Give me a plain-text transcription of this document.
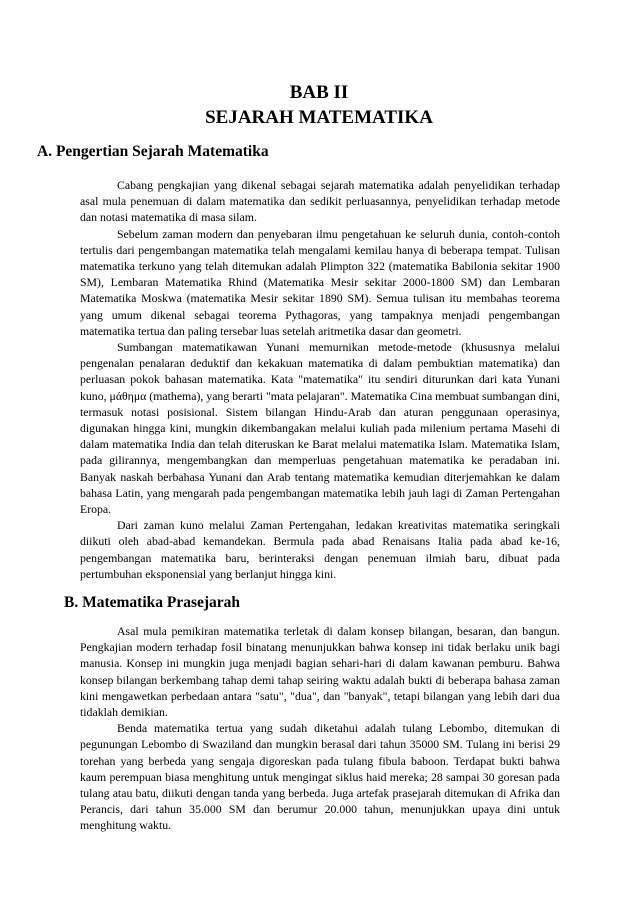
BAB II
SEJARAH MATEMATIKA
A. Pengertian Sejarah Matematika

Cabang pengkajian yang dikenal sebagai sejarah matematika adalah penyelidikan terhadap asal mula penemuan di dalam matematika dan sedikit perluasannya, penyelidikan terhadap metode dan notasi matematika di masa silam.

Sebelum zaman modern dan penyebaran ilmu pengetahuan ke seluruh dunia, contoh-contoh tertulis dari pengembangan matematika telah mengalami kemilau hanya di beberapa tempat. Tulisan matematika terkuno yang telah ditemukan adalah Plimpton 322 (matematika Babilonia sekitar 1900 SM), Lembaran Matematika Rhind (Matematika Mesir sekitar 2000-1800 SM) dan Lembaran Matematika Moskwa (matematika Mesir sekitar 1890 SM). Semua tulisan itu membahas teorema yang umum dikenal sebagai teorema Pythagoras, yang tampaknya menjadi pengembangan matematika tertua dan paling tersebar luas setelah aritmetika dasar dan geometri.

Sumbangan matematikawan Yunani memurnikan metode-metode (khususnya melalui pengenalan penalaran deduktif dan kekakuan matematika di dalam pembuktian matematika) dan perluasan pokok bahasan matematika. Kata "matematika" itu sendiri diturunkan dari kata Yunani kuno, μάθημα (mathema), yang berarti "mata pelajaran". Matematika Cina membuat sumbangan dini, termasuk notasi posisional. Sistem bilangan Hindu-Arab dan aturan penggunaan operasinya, digunakan hingga kini, mungkin dikembangakan melalui kuliah pada milenium pertama Masehi di dalam matematika India dan telah diteruskan ke Barat melalui matematika Islam. Matematika Islam, pada gilirannya, mengembangkan dan memperluas pengetahuan matematika ke peradaban ini. Banyak naskah berbahasa Yunani dan Arab tentang matematika kemudian diterjemahkan ke dalam bahasa Latin, yang mengarah pada pengembangan matematika lebih jauh lagi di Zaman Pertengahan Eropa.

Dari zaman kuno melalui Zaman Pertengahan, ledakan kreativitas matematika seringkali diikuti oleh abad-abad kemandekan. Bermula pada abad Renaisans Italia pada abad ke-16, pengembangan matematika baru, berinteraksi dengan penemuan ilmiah baru, dibuat pada pertumbuhan eksponensial yang berlanjut hingga kini.

B. Matematika Prasejarah

Asal mula pemikiran matematika terletak di dalam konsep bilangan, besaran, dan bangun. Pengkajian modern terhadap fosil binatang menunjukkan bahwa konsep ini tidak berlaku unik bagi manusia. Konsep ini mungkin juga menjadi bagian sehari-hari di dalam kawanan pemburu. Bahwa konsep bilangan berkembang tahap demi tahap seiring waktu adalah bukti di beberapa bahasa zaman kini mengawetkan perbedaan antara "satu", "dua", dan "banyak", tetapi bilangan yang lebih dari dua tidaklah demikian.

Benda matematika tertua yang sudah diketahui adalah tulang Lebombo, ditemukan di pegunungan Lebombo di Swaziland dan mungkin berasal dari tahun 35000 SM. Tulang ini berisi 29 torehan yang berbeda yang sengaja digoreskan pada tulang fibula baboon. Terdapat bukti bahwa kaum perempuan biasa menghitung untuk mengingat siklus haid mereka; 28 sampai 30 goresan pada tulang atau batu, diikuti dengan tanda yang berbeda. Juga artefak prasejarah ditemukan di Afrika dan Perancis, dari tahun 35.000 SM dan berumur 20.000 tahun, menunjukkan upaya dini untuk menghitung waktu.
